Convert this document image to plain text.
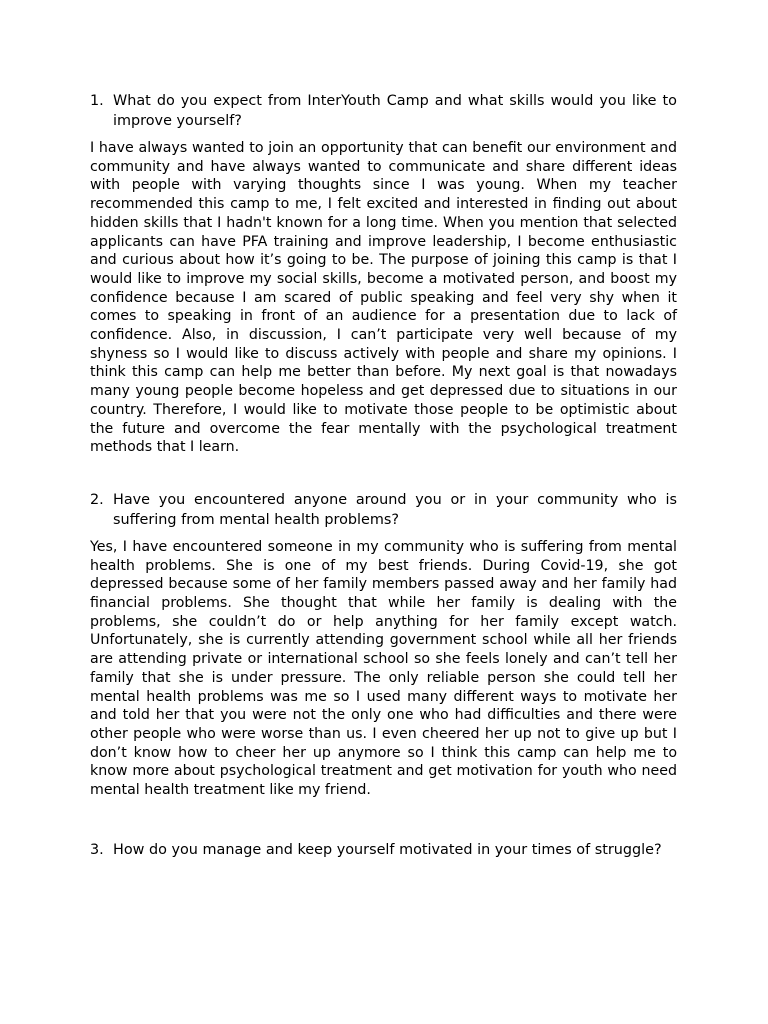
1. What do you expect from InterYouth Camp and what skills would you like to improve yourself?

I have always wanted to join an opportunity that can benefit our environment and community and have always wanted to communicate and share different ideas with people with varying thoughts since I was young. When my teacher recommended this camp to me, I felt excited and interested in finding out about hidden skills that I hadn't known for a long time. When you mention that selected applicants can have PFA training and improve leadership, I become enthusiastic and curious about how it’s going to be. The purpose of joining this camp is that I would like to improve my social skills, become a motivated person, and boost my confidence because I am scared of public speaking and feel very shy when it comes to speaking in front of an audience for a presentation due to lack of confidence. Also, in discussion, I can’t participate very well because of my shyness so I would like to discuss actively with people and share my opinions. I think this camp can help me better than before. My next goal is that nowadays many young people become hopeless and get depressed due to situations in our country. Therefore, I would like to motivate those people to be optimistic about the future and overcome the fear mentally with the psychological treatment methods that I learn.

2. Have you encountered anyone around you or in your community who is suffering from mental health problems?

Yes, I have encountered someone in my community who is suffering from mental health problems. She is one of my best friends. During Covid-19, she got depressed because some of her family members passed away and her family had financial problems. She thought that while her family is dealing with the problems, she couldn’t do or help anything for her family except watch. Unfortunately, she is currently attending government school while all her friends are attending private or international school so she feels lonely and can’t tell her family that she is under pressure. The only reliable person she could tell her mental health problems was me so I used many different ways to motivate her and told her that you were not the only one who had difficulties and there were other people who were worse than us. I even cheered her up not to give up but I don’t know how to cheer her up anymore so I think this camp can help me to know more about psychological treatment and get motivation for youth who need mental health treatment like my friend.

3. How do you manage and keep yourself motivated in your times of struggle?
